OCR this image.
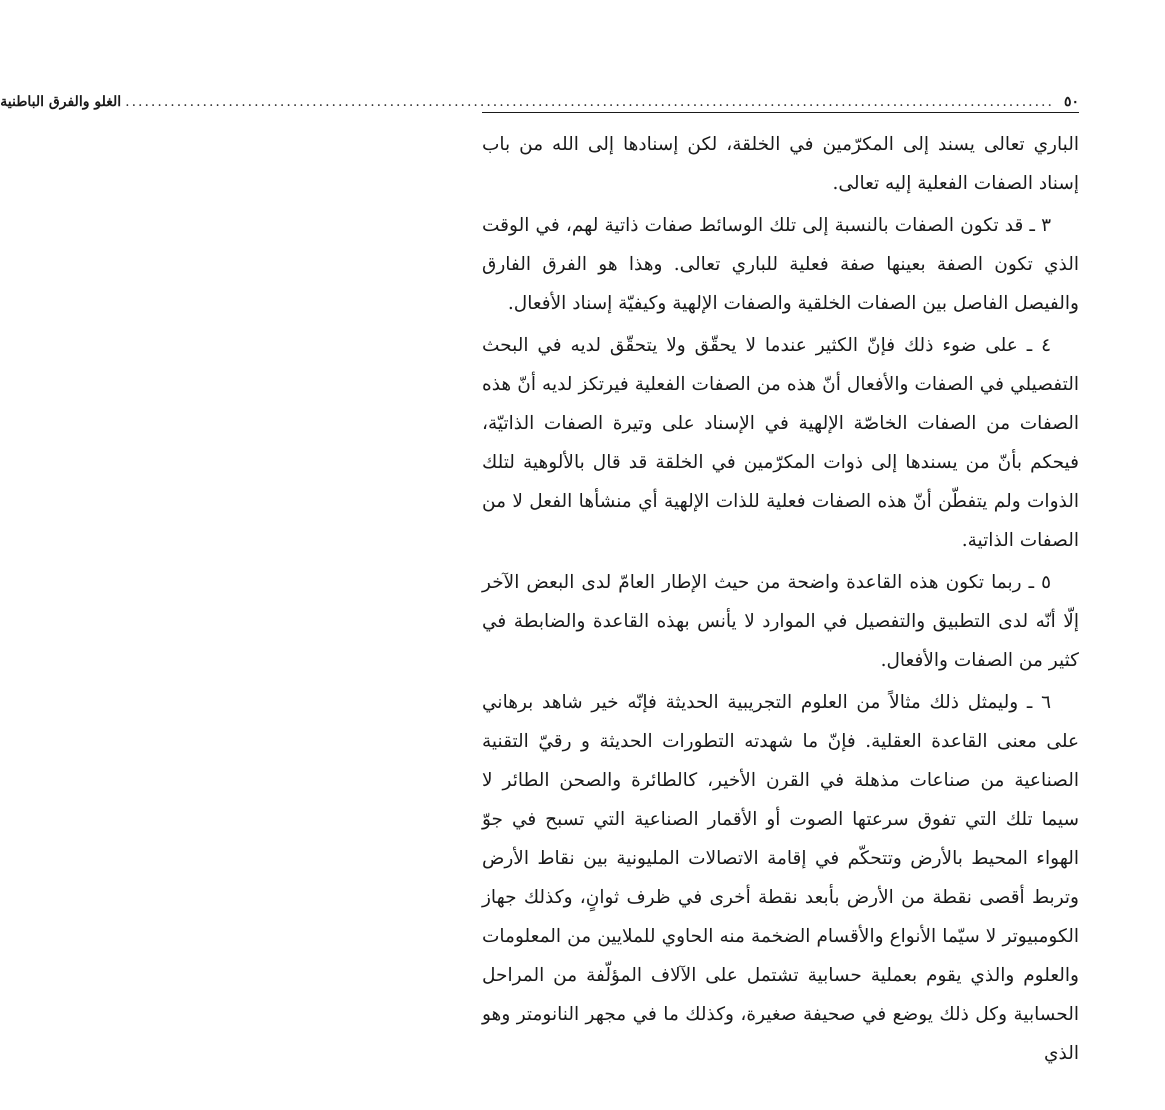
٥٠
................................................................................................................................................
الغلو والفرق الباطنية

الباري تعالى يسند إلى المكرّمين في الخلقة، لكن إسنادها إلى الله من باب إسناد الصفات الفعلية إليه تعالى.

٣ ـ قد تكون الصفات بالنسبة إلى تلك الوسائط صفات ذاتية لهم، في الوقت الذي تكون الصفة بعينها صفة فعلية للباري تعالى. وهذا هو الفرق الفارق والفيصل الفاصل بين الصفات الخلقية والصفات الإلهية وكيفيّة إسناد الأفعال.

٤ ـ على ضوء ذلك فإنّ الكثير عندما لا يحقّق ولا يتحقّق لديه في البحث التفصيلي في الصفات والأفعال أنّ هذه من الصفات الفعلية فيرتكز لديه أنّ هذه الصفات من الصفات الخاصّة الإلهية في الإسناد على وتيرة الصفات الذاتيّة، فيحكم بأنّ من يسندها إلى ذوات المكرّمين في الخلقة قد قال بالألوهية لتلك الذوات ولم يتفطّن أنّ هذه الصفات فعلية للذات الإلهية أي منشأها الفعل لا من الصفات الذاتية.

٥ ـ ربما تكون هذه القاعدة واضحة من حيث الإطار العامّ لدى البعض الآخر إلّا أنّه لدى التطبيق والتفصيل في الموارد لا يأنس بهذه القاعدة والضابطة في كثير من الصفات والأفعال.

٦ ـ وليمثل ذلك مثالاً من العلوم التجريبية الحديثة فإنّه خير شاهد برهاني على معنى القاعدة العقلية. فإنّ ما شهدته التطورات الحديثة و رقيّ التقنية الصناعية من صناعات مذهلة في القرن الأخير، كالطائرة والصحن الطائر لا سيما تلك التي تفوق سرعتها الصوت أو الأقمار الصناعية التي تسبح في جوّ الهواء المحيط بالأرض وتتحكّم في إقامة الاتصالات المليونية بين نقاط الأرض وتربط أقصى نقطة من الأرض بأبعد نقطة أخرى في ظرف ثوانٍ، وكذلك جهاز الكومبيوتر لا سيّما الأنواع والأقسام الضخمة منه الحاوي للملايين من المعلومات والعلوم والذي يقوم بعملية حسابية تشتمل على الآلاف المؤلّفة من المراحل الحسابية وكل ذلك يوضع في صحيفة صغيرة، وكذلك ما في مجهر النانومتر وهو الذي
